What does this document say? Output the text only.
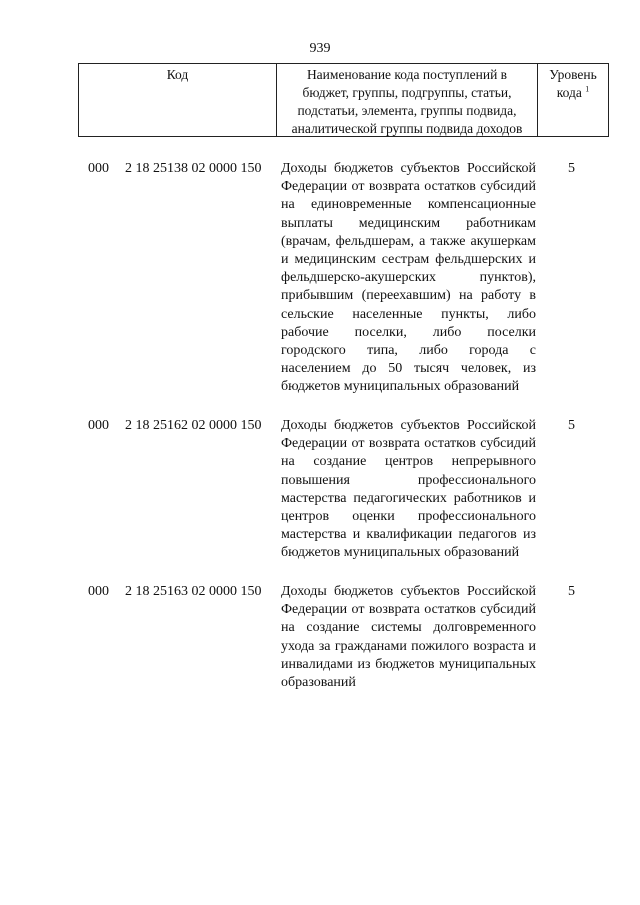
939
Код	Наименование кода поступлений в бюджет, группы, подгруппы, статьи, подстатьи, элемента, группы подвида, аналитической группы подвида доходов
Уровень кода $^1$
000 2 18 25138 02 0000 150 Доходы бюджетов субъектов Российской Федерации от возврата остатков субсидий на единовременные компенсационные выплаты медицинским работникам (врачам, фельдшерам, а также акушеркам и медицинским сестрам фельдшерских и фельдшерско-акушерских пунктов), прибывшим (переехавшим) на работу в сельские населенные пункты, либо рабочие поселки, либо поселки городского типа, либо города с населением до 50 тысяч человек, из бюджетов муниципальных образований
5
000 2 18 25162 02 0000 150 Доходы бюджетов субъектов Российской Федерации от возврата остатков субсидий на создание центров непрерывного повышения профессионального мастерства педагогических работников и центров оценки профессионального мастерства и квалификации педагогов из бюджетов муниципальных образований
5
000 2 18 25163 02 0000 150 Доходы бюджетов субъектов Российской Федерации от возврата остатков субсидий на создание системы долговременного ухода за гражданами пожилого возраста и инвалидами из бюджетов муниципальных образований
5
